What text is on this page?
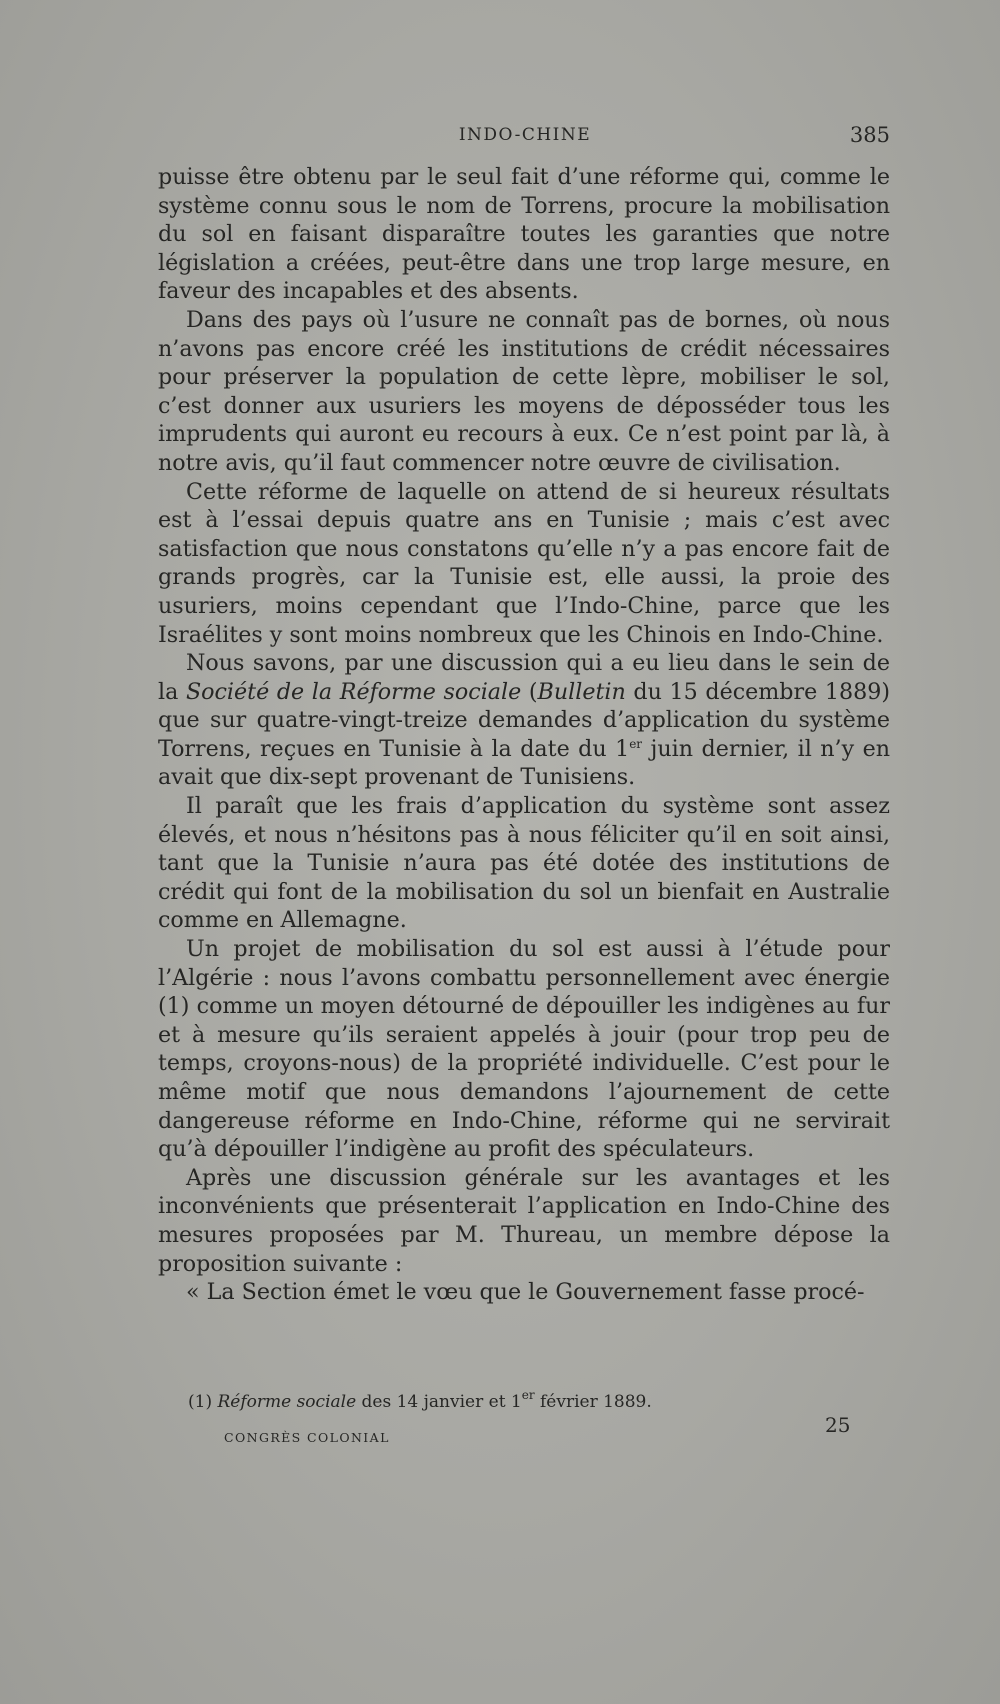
INDO-CHINE	385

puisse être obtenu par le seul fait d’une réforme qui, comme le système connu sous le nom de Torrens, procure la mobilisation du sol en faisant disparaître toutes les garanties que notre législation a créées, peut-être dans une trop large mesure, en faveur des incapables et des absents.

Dans des pays où l’usure ne connaît pas de bornes, où nous n’avons pas encore créé les institutions de crédit nécessaires pour préserver la population de cette lèpre, mobiliser le sol, c’est donner aux usuriers les moyens de déposséder tous les imprudents qui auront eu recours à eux. Ce n’est point par là, à notre avis, qu’il faut commencer notre œuvre de civilisation.

Cette réforme de laquelle on attend de si heureux résultats est à l’essai depuis quatre ans en Tunisie ; mais c’est avec satisfaction que nous constatons qu’elle n’y a pas encore fait de grands progrès, car la Tunisie est, elle aussi, la proie des usuriers, moins cependant que l’Indo-Chine, parce que les Israélites y sont moins nombreux que les Chinois en Indo-Chine.

Nous savons, par une discussion qui a eu lieu dans le sein de la Société de la Réforme sociale (Bulletin du 15 décembre 1889) que sur quatre-vingt-treize demandes d’application du système Torrens, reçues en Tunisie à la date du 1er juin dernier, il n’y en avait que dix-sept provenant de Tunisiens.

Il paraît que les frais d’application du système sont assez élevés, et nous n’hésitons pas à nous féliciter qu’il en soit ainsi, tant que la Tunisie n’aura pas été dotée des institutions de crédit qui font de la mobilisation du sol un bienfait en Australie comme en Allemagne.

Un projet de mobilisation du sol est aussi à l’étude pour l’Algérie : nous l’avons combattu personnellement avec énergie (1) comme un moyen détourné de dépouiller les indigènes au fur et à mesure qu’ils seraient appelés à jouir (pour trop peu de temps, croyons-nous) de la propriété individuelle. C’est pour le même motif que nous demandons l’ajournement de cette dangereuse réforme en Indo-Chine, réforme qui ne servirait qu’à dépouiller l’indigène au profit des spéculateurs.

Après une discussion générale sur les avantages et les inconvénients que présenterait l’application en Indo-Chine des mesures proposées par M. Thureau, un membre dépose la proposition suivante :

« La Section émet le vœu que le Gouvernement fasse procé-

(1) Réforme sociale des 14 janvier et 1er février 1889.
CONGRÈS COLONIAL
25
